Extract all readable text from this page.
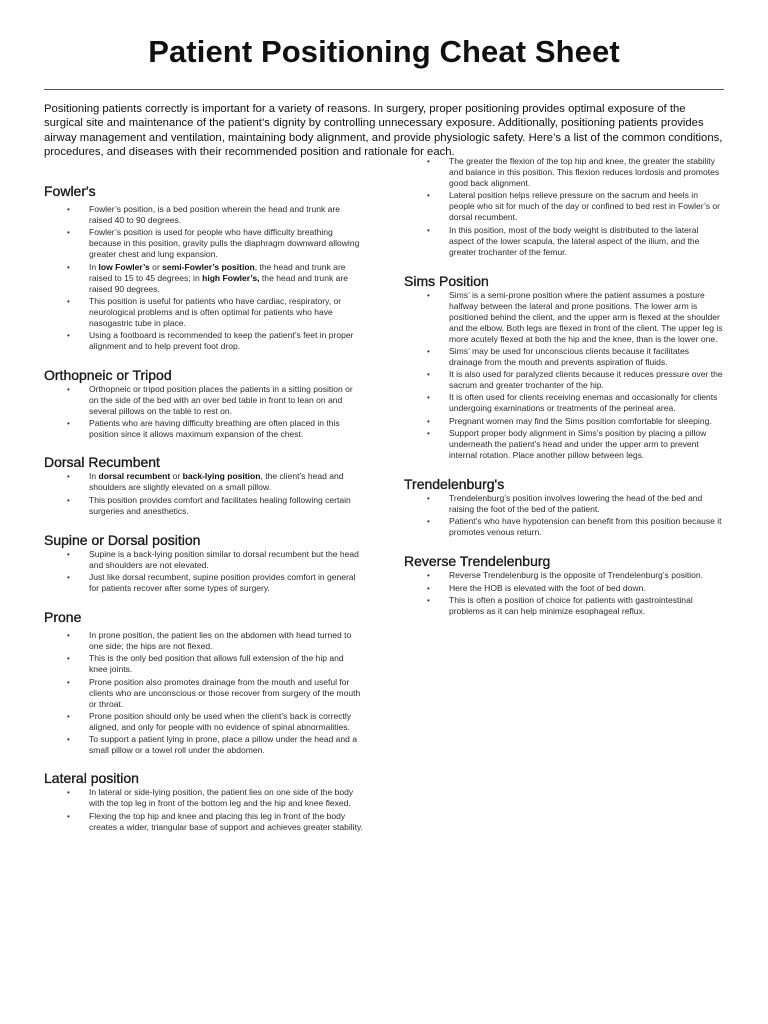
Patient Positioning Cheat Sheet

Positioning patients correctly is important for a variety of reasons. In surgery, proper positioning provides optimal exposure of the surgical site and maintenance of the patient’s dignity by controlling unnecessary exposure. Additionally, positioning patients provides airway management and ventilation, maintaining body alignment, and provide physiologic safety. Here’s a list of the common conditions, procedures, and diseases with their recommended position and rationale for each.

Fowler's
• Fowler’s position, is a bed position wherein the head and trunk are raised 40 to 90 degrees.
• Fowler’s position is used for people who have difficulty breathing because in this position, gravity pulls the diaphragm downward allowing greater chest and lung expansion.
• In low Fowler’s or semi-Fowler’s position, the head and trunk are raised to 15 to 45 degrees; in high Fowler’s, the head and trunk are raised 90 degrees.
• This position is useful for patients who have cardiac, respiratory, or neurological problems and is often optimal for patients who have nasogastric tube in place.
• Using a footboard is recommended to keep the patient’s feet in proper alignment and to help prevent foot drop.
Orthopneic or Tripod
• Orthopneic or tripod position places the patients in a sitting position or on the side of the bed with an over bed table in front to lean on and several pillows on the table to rest on.
• Patients who are having difficulty breathing are often placed in this position since it allows maximum expansion of the chest.
Dorsal Recumbent
• In dorsal recumbent or back-lying position, the client’s head and shoulders are slightly elevated on a small pillow.
• This position provides comfort and facilitates healing following certain surgeries and anesthetics.
Supine or Dorsal position
• Supine is a back-lying position similar to dorsal recumbent but the head and shoulders are not elevated.
• Just like dorsal recumbent, supine position provides comfort in general for patients recover after some types of surgery.
Prone
• In prone position, the patient lies on the abdomen with head turned to one side; the hips are not flexed.
• This is the only bed position that allows full extension of the hip and knee joints.
• Prone position also promotes drainage from the mouth and useful for clients who are unconscious or those recover from surgery of the mouth or throat.
• Prone position should only be used when the client’s back is correctly aligned, and only for people with no evidence of spinal abnormalities.
• To support a patient lying in prone, place a pillow under the head and a small pillow or a towel roll under the abdomen.
Lateral position
• In lateral or side-lying position, the patient lies on one side of the body with the top leg in front of the bottom leg and the hip and knee flexed.
• Flexing the top hip and knee and placing this leg in front of the body creates a wider, triangular base of support and achieves greater stability.
• The greater the flexion of the top hip and knee, the greater the stability and balance in this position. This flexion reduces lordosis and promotes good back alignment.
• Lateral position helps relieve pressure on the sacrum and heels in people who sit for much of the day or confined to bed rest in Fowler’s or dorsal recumbent.
• In this position, most of the body weight is distributed to the lateral aspect of the lower scapula, the lateral aspect of the ilium, and the greater trochanter of the femur.
Sims Position
• Sims’ is a semi-prone position where the patient assumes a posture halfway between the lateral and prone positions. The lower arm is positioned behind the client, and the upper arm is flexed at the shoulder and the elbow. Both legs are flexed in front of the client. The upper leg is more acutely flexed at both the hip and the knee, than is the lower one.
• Sims’ may be used for unconscious clients because it facilitates drainage from the mouth and prevents aspiration of fluids.
• It is also used for paralyzed clients because it reduces pressure over the sacrum and greater trochanter of the hip.
• It is often used for clients receiving enemas and occasionally for clients undergoing examinations or treatments of the perineal area.
• Pregnant women may find the Sims position comfortable for sleeping.
• Support proper body alignment in Sims’s position by placing a pillow underneath the patient’s head and under the upper arm to prevent internal rotation. Place another pillow between legs.
Trendelenburg's
• Trendelenburg’s position involves lowering the head of the bed and raising the foot of the bed of the patient.
• Patient’s who have hypotension can benefit from this position because it promotes venous return.
Reverse Trendelenburg
• Reverse Trendelenburg is the opposite of Trendelenburg’s position.
• Here the HOB is elevated with the foot of bed down.
• This is often a position of choice for patients with gastrointestinal problems as it can help minimize esophageal reflux.
